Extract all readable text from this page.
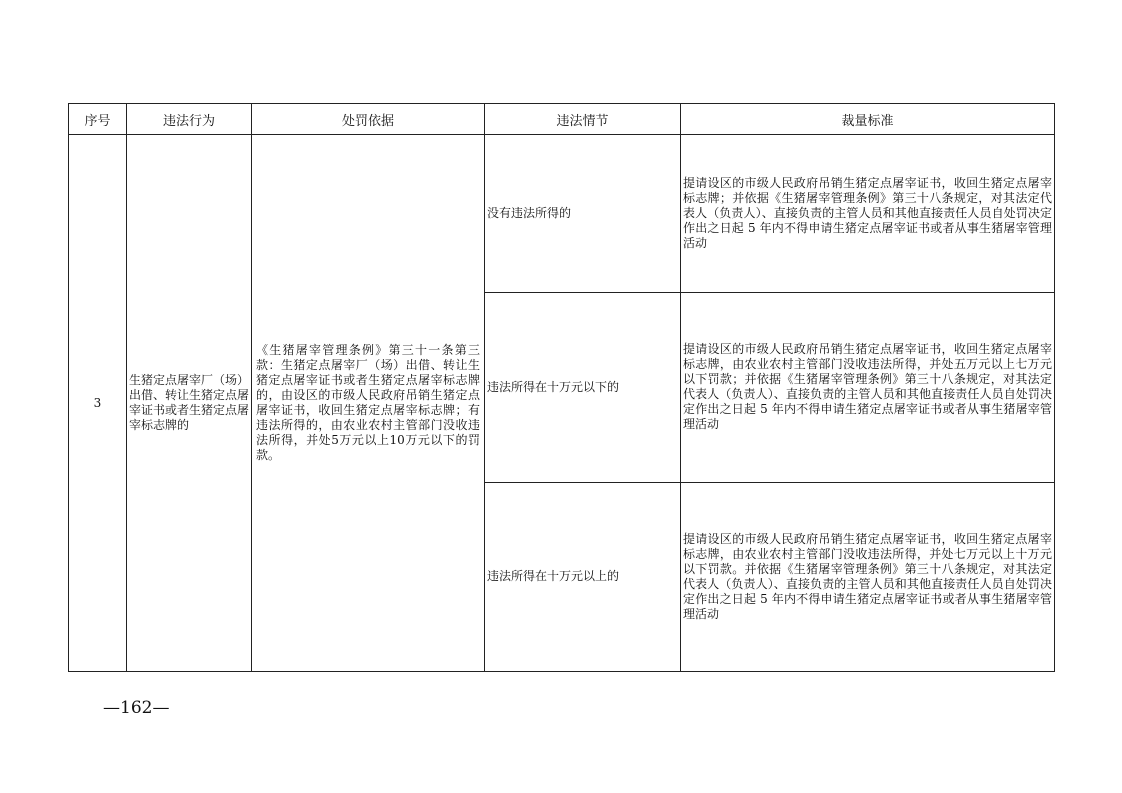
序号	违法行为	处罚依据	违法情节	裁量标准
3	生猪定点屠宰厂（场）出借、转让生猪定点屠宰证书或者生猪定点屠宰标志牌的	《生猪屠宰管理条例》第三十一条第三款：生猪定点屠宰厂（场）出借、转让生猪定点屠宰证书或者生猪定点屠宰标志牌的，由设区的市级人民政府吊销生猪定点屠宰证书，收回生猪定点屠宰标志牌；有违法所得的，由农业农村主管部门没收违法所得，并处5万元以上10万元以下的罚款。	没有违法所得的	提请设区的市级人民政府吊销生猪定点屠宰证书，收回生猪定点屠宰标志牌；并依据《生猪屠宰管理条例》第三十八条规定，对其法定代表人（负责人）、直接负责的主管人员和其他直接责任人员自处罚决定作出之日起 5 年内不得申请生猪定点屠宰证书或者从事生猪屠宰管理活动
			违法所得在十万元以下的	提请设区的市级人民政府吊销生猪定点屠宰证书，收回生猪定点屠宰标志牌，由农业农村主管部门没收违法所得，并处五万元以上七万元以下罚款；并依据《生猪屠宰管理条例》第三十八条规定，对其法定代表人（负责人）、直接负责的主管人员和其他直接责任人员自处罚决定作出之日起 5 年内不得申请生猪定点屠宰证书或者从事生猪屠宰管理活动
			违法所得在十万元以上的	提请设区的市级人民政府吊销生猪定点屠宰证书，收回生猪定点屠宰标志牌，由农业农村主管部门没收违法所得，并处七万元以上十万元以下罚款。并依据《生猪屠宰管理条例》第三十八条规定，对其法定代表人（负责人）、直接负责的主管人员和其他直接责任人员自处罚决定作出之日起 5 年内不得申请生猪定点屠宰证书或者从事生猪屠宰管理活动
—162—
